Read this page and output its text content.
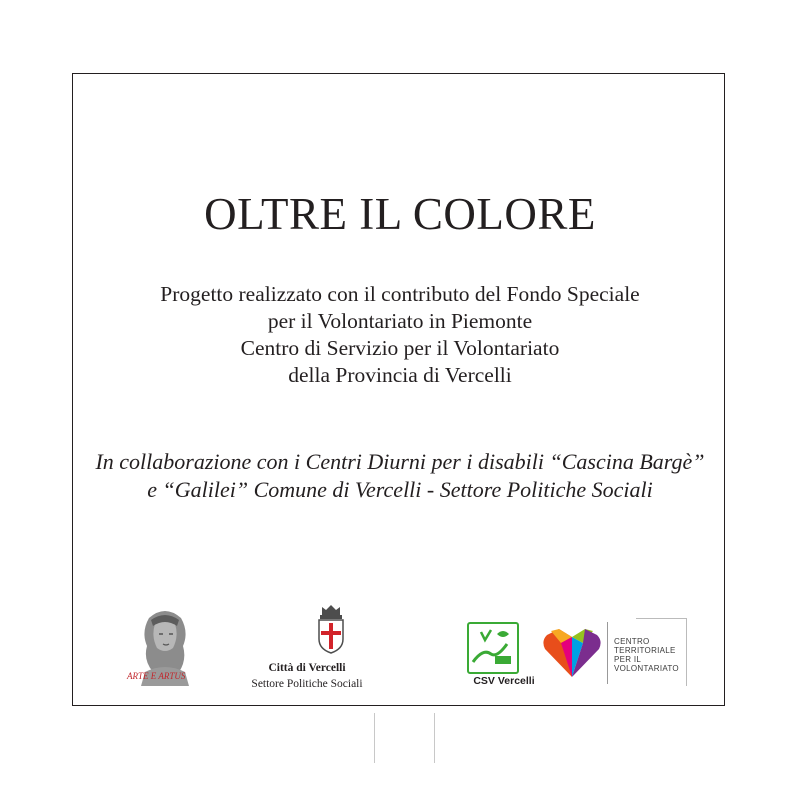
OLTRE IL COLORE
Progetto realizzato con il contributo del Fondo Speciale
per il Volontariato in Piemonte
Centro di Servizio per il Volontariato
della Provincia di Vercelli
In collaborazione con i Centri Diurni per i disabili “Cascina Bargè”
e “Galilei” Comune di Vercelli - Settore Politiche Sociali
ARTE E ARTUS
Città di Vercelli
Settore Politiche Sociali	CSV Vercelli
CENTRO
TERRITORIALE
PER IL
VOLONTARIATO
